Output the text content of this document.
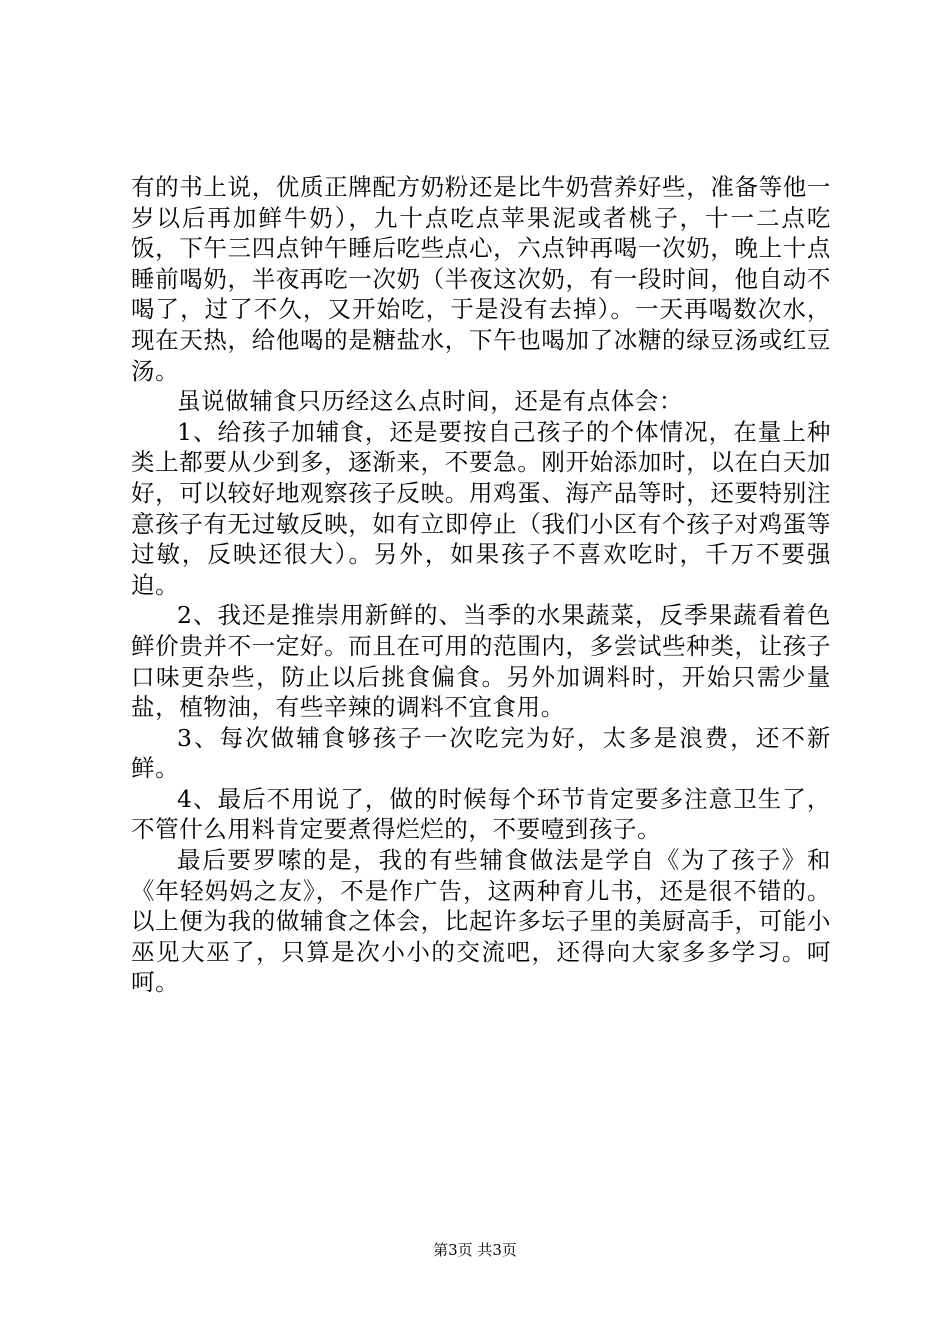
有的书上说，优质正牌配方奶粉还是比牛奶营养好些，准备等他一岁以后再加鲜牛奶），九十点吃点苹果泥或者桃子，十一二点吃饭，下午三四点钟午睡后吃些点心，六点钟再喝一次奶，晚上十点睡前喝奶，半夜再吃一次奶（半夜这次奶，有一段时间，他自动不喝了，过了不久，又开始吃，于是没有去掉）。一天再喝数次水，现在天热，给他喝的是糖盐水，下午也喝加了冰糖的绿豆汤或红豆汤。

虽说做辅食只历经这么点时间，还是有点体会：

1、给孩子加辅食，还是要按自己孩子的个体情况，在量上种类上都要从少到多，逐渐来，不要急。刚开始添加时，以在白天加好，可以较好地观察孩子反映。用鸡蛋、海产品等时，还要特别注意孩子有无过敏反映，如有立即停止（我们小区有个孩子对鸡蛋等过敏，反映还很大）。另外，如果孩子不喜欢吃时，千万不要强迫。

2、我还是推崇用新鲜的、当季的水果蔬菜，反季果蔬看着色鲜价贵并不一定好。而且在可用的范围内，多尝试些种类，让孩子口味更杂些，防止以后挑食偏食。另外加调料时，开始只需少量盐，植物油，有些辛辣的调料不宜食用。

3、每次做辅食够孩子一次吃完为好，太多是浪费，还不新鲜。

4、最后不用说了，做的时候每个环节肯定要多注意卫生了，不管什么用料肯定要煮得烂烂的，不要噎到孩子。

最后要罗嗦的是，我的有些辅食做法是学自《为了孩子》和《年轻妈妈之友》，不是作广告，这两种育儿书，还是很不错的。以上便为我的做辅食之体会，比起许多坛子里的美厨高手，可能小巫见大巫了，只算是次小小的交流吧，还得向大家多多学习。呵呵。

第3页 共3页
